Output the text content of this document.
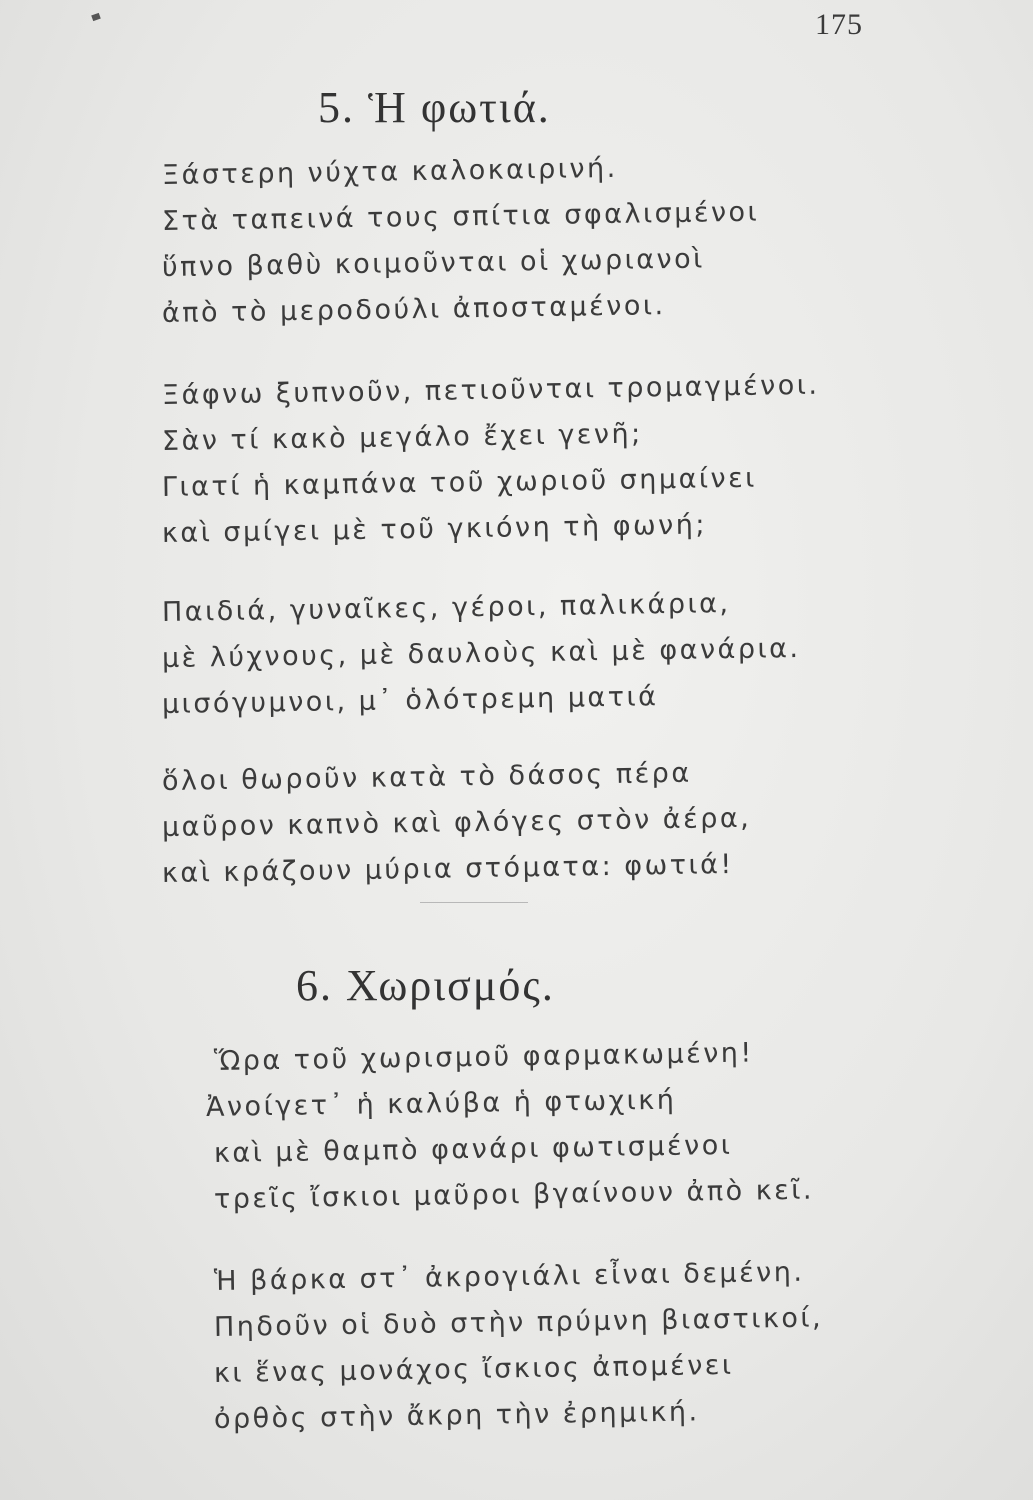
175
5. Ἡ φωτιά.
Ξάστερη νύχτα καλοκαιρινή.
Στὰ ταπεινά τους σπίτια σφαλισμένοι
ὕπνο βαθὺ κοιμοῦνται οἱ χωριανοὶ
ἀπὸ τὸ μεροδούλι ἀποσταμένοι.
Ξάφνω ξυπνοῦν, πετιοῦνται τρομαγμένοι.
Σὰν τί κακὸ μεγάλο ἔχει γενῆ;
Γιατί ἡ καμπάνα τοῦ χωριοῦ σημαίνει
καὶ σμίγει μὲ τοῦ γκιόνη τὴ φωνή;
Παιδιά, γυναῖκες, γέροι, παλικάρια,
μὲ λύχνους, μὲ δαυλοὺς καὶ μὲ φανάρια.
μισόγυμνοι, μ᾽ ὁλότρεμη ματιά
ὅλοι θωροῦν κατὰ τὸ δάσος πέρα
μαῦρον καπνὸ καὶ φλόγες στὸν ἀέρα,
καὶ κράζουν μύρια στόματα: φωτιά!
6. Χωρισμός.
Ὥρα τοῦ χωρισμοῦ φαρμακωμένη!
Ἀνοίγετ᾽ ἡ καλύβα ἡ φτωχική
καὶ μὲ θαμπὸ φανάρι φωτισμένοι
τρεῖς ἴσκιοι μαῦροι βγαίνουν ἀπὸ κεῖ.
Ἡ βάρκα στ᾽ ἀκρογιάλι εἶναι δεμένη.
Πηδοῦν οἱ δυὸ στὴν πρύμνη βιαστικοί,
κι ἕνας μονάχος ἴσκιος ἀπομένει
ὀρθὸς στὴν ἄκρη τὴν ἐρημική.
